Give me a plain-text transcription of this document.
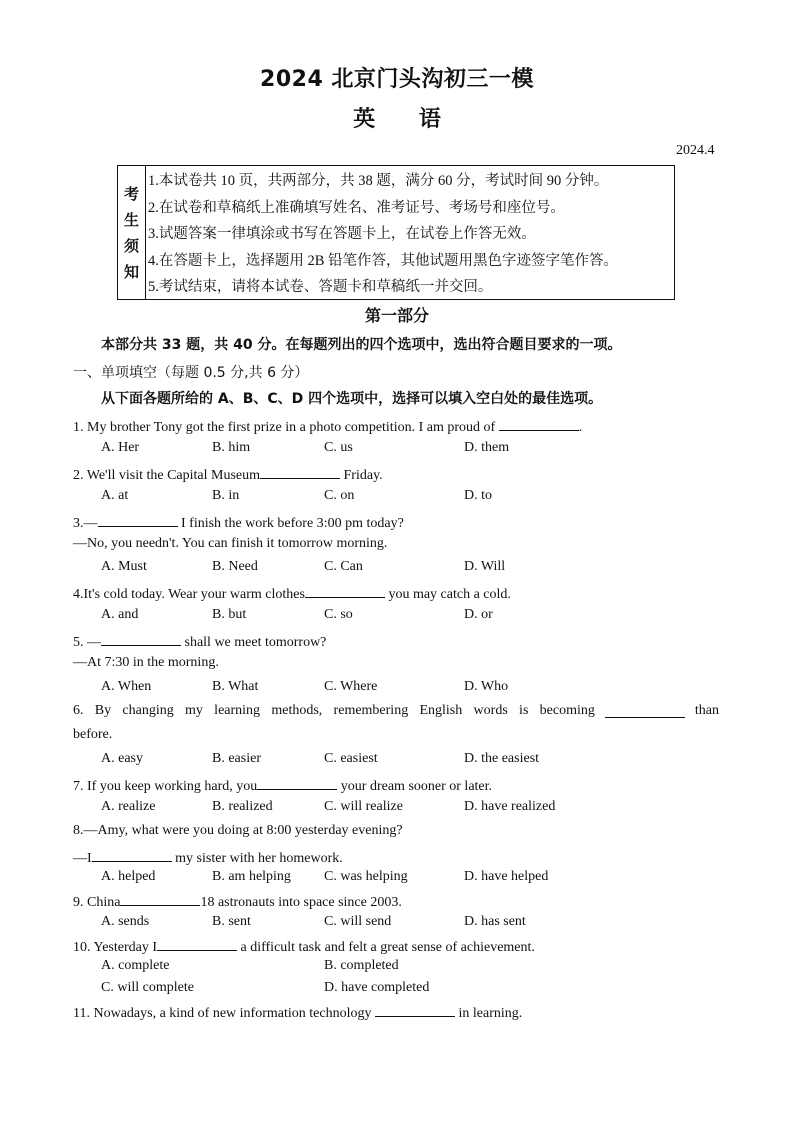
2024 北京门头沟初三一模
英 语
2024.4
考
生
须
知
1.本试卷共 10 页，共两部分，共 38 题，满分 60 分，考试时间 90 分钟。
2.在试卷和草稿纸上准确填写姓名、准考证号、考场号和座位号。
3.试题答案一律填涂或书写在答题卡上，在试卷上作答无效。
4.在答题卡上，选择题用 2B 铅笔作答，其他试题用黑色字迹签字笔作答。
5.考试结束，请将本试卷、答题卡和草稿纸一并交回。
第一部分
本部分共 33 题，共 40 分。在每题列出的四个选项中，选出符合题目要求的一项。
一、单项填空（每题 0.5 分,共 6 分）
从下面各题所给的 A、B、C、D 四个选项中，选择可以填入空白处的最佳选项。
1. My brother Tony got the first prize in a photo competition. I am proud of	.
A. Her	B. him	C. us	D. them
2. We'll visit the Capital Museum	Friday.
A. at	B. in	C. on	D. to
3.—	I finish the work before 3:00 pm today?
—No, you needn't. You can finish it tomorrow morning.
A. Must	B. Need	C. Can	D. Will
4.It's cold today. Wear your warm clothes	you may catch a cold.
A. and	B. but	C. so	D. or
5. —	shall we meet tomorrow?
—At 7:30 in the morning.
A. When	B. What	C. Where	D. Who
6. By changing my learning methods, remembering English words is becoming	than
before.
A. easy	B. easier	C. easiest	D. the easiest
7. If you keep working hard, you	your dream sooner or later.
A. realize	B. realized	C. will realize	D. have realized
8.—Amy, what were you doing at 8:00 yesterday evening?
—I	my sister with her homework.
A. helped	B. am helping C. was helping	D. have helped
9. China	18 astronauts into space since 2003.
A. sends	B. sent	C. will send	D. has sent
10. Yesterday I	a difficult task and felt a great sense of achievement.
A. complete	B. completed
C. will complete	D. have completed
11. Nowadays, a kind of new information technology	in learning.
